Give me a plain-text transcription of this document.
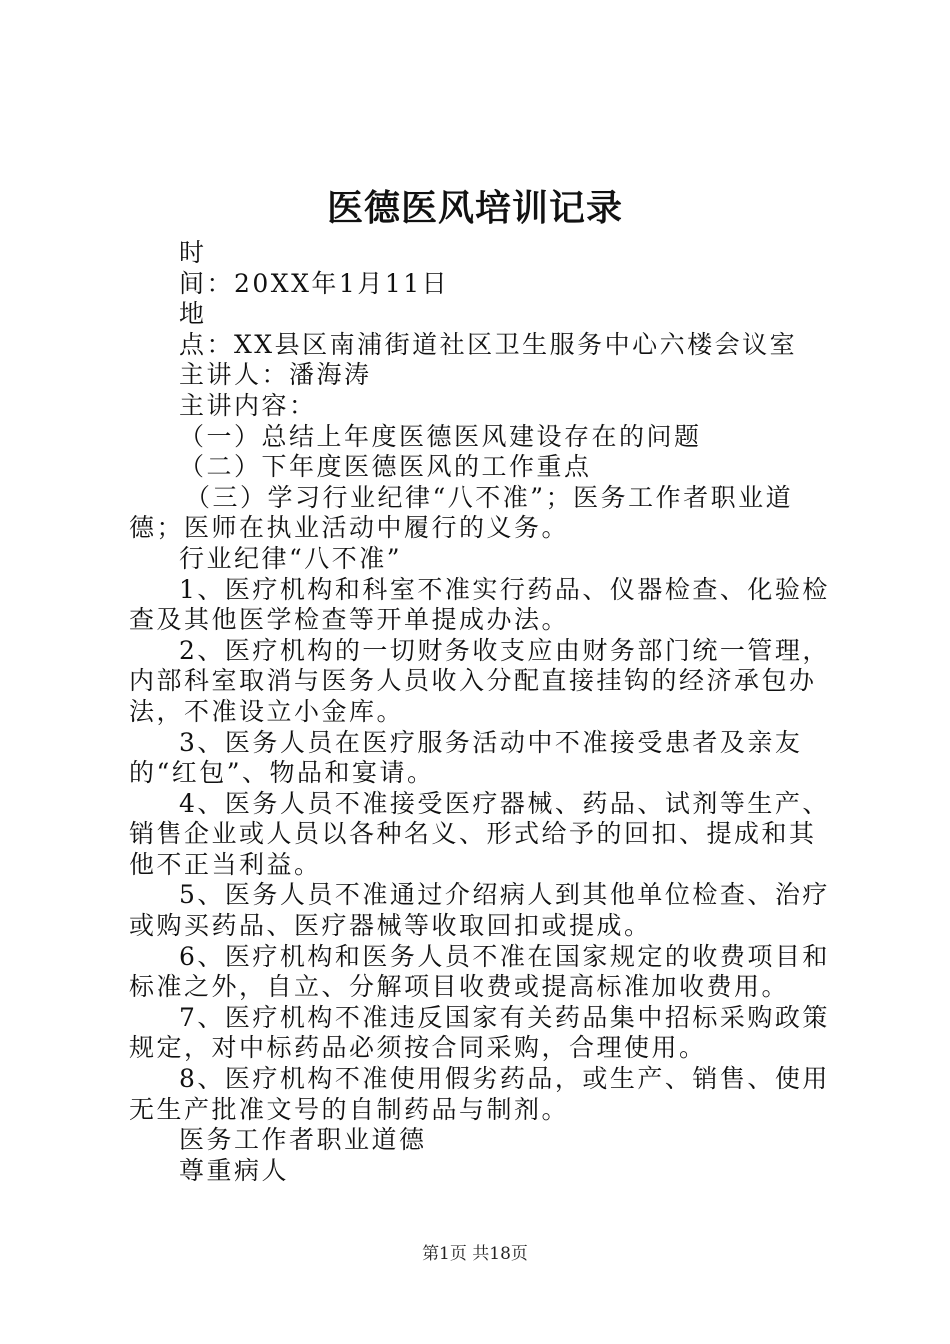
医德医风培训记录

时

间：20XX年1月11日

地

点：XX县区南浦街道社区卫生服务中心六楼会议室

主讲人：潘海涛

主讲内容：

（一）总结上年度医德医风建设存在的问题

（二）下年度医德医风的工作重点

（三）学习行业纪律“八不准”；医务工作者职业道德；医师在执业活动中履行的义务。

行业纪律“八不准”

1、医疗机构和科室不准实行药品、仪器检查、化验检查及其他医学检查等开单提成办法。

2、医疗机构的一切财务收支应由财务部门统一管理，内部科室取消与医务人员收入分配直接挂钩的经济承包办法，不准设立小金库。

3、医务人员在医疗服务活动中不准接受患者及亲友的“红包”、物品和宴请。

4、医务人员不准接受医疗器械、药品、试剂等生产、销售企业或人员以各种名义、形式给予的回扣、提成和其他不正当利益。

5、医务人员不准通过介绍病人到其他单位检查、治疗或购买药品、医疗器械等收取回扣或提成。

6、医疗机构和医务人员不准在国家规定的收费项目和标准之外，自立、分解项目收费或提高标准加收费用。

7、医疗机构不准违反国家有关药品集中招标采购政策规定，对中标药品必须按合同采购，合理使用。

8、医疗机构不准使用假劣药品，或生产、销售、使用无生产批准文号的自制药品与制剂。

医务工作者职业道德

尊重病人

第1页 共18页
